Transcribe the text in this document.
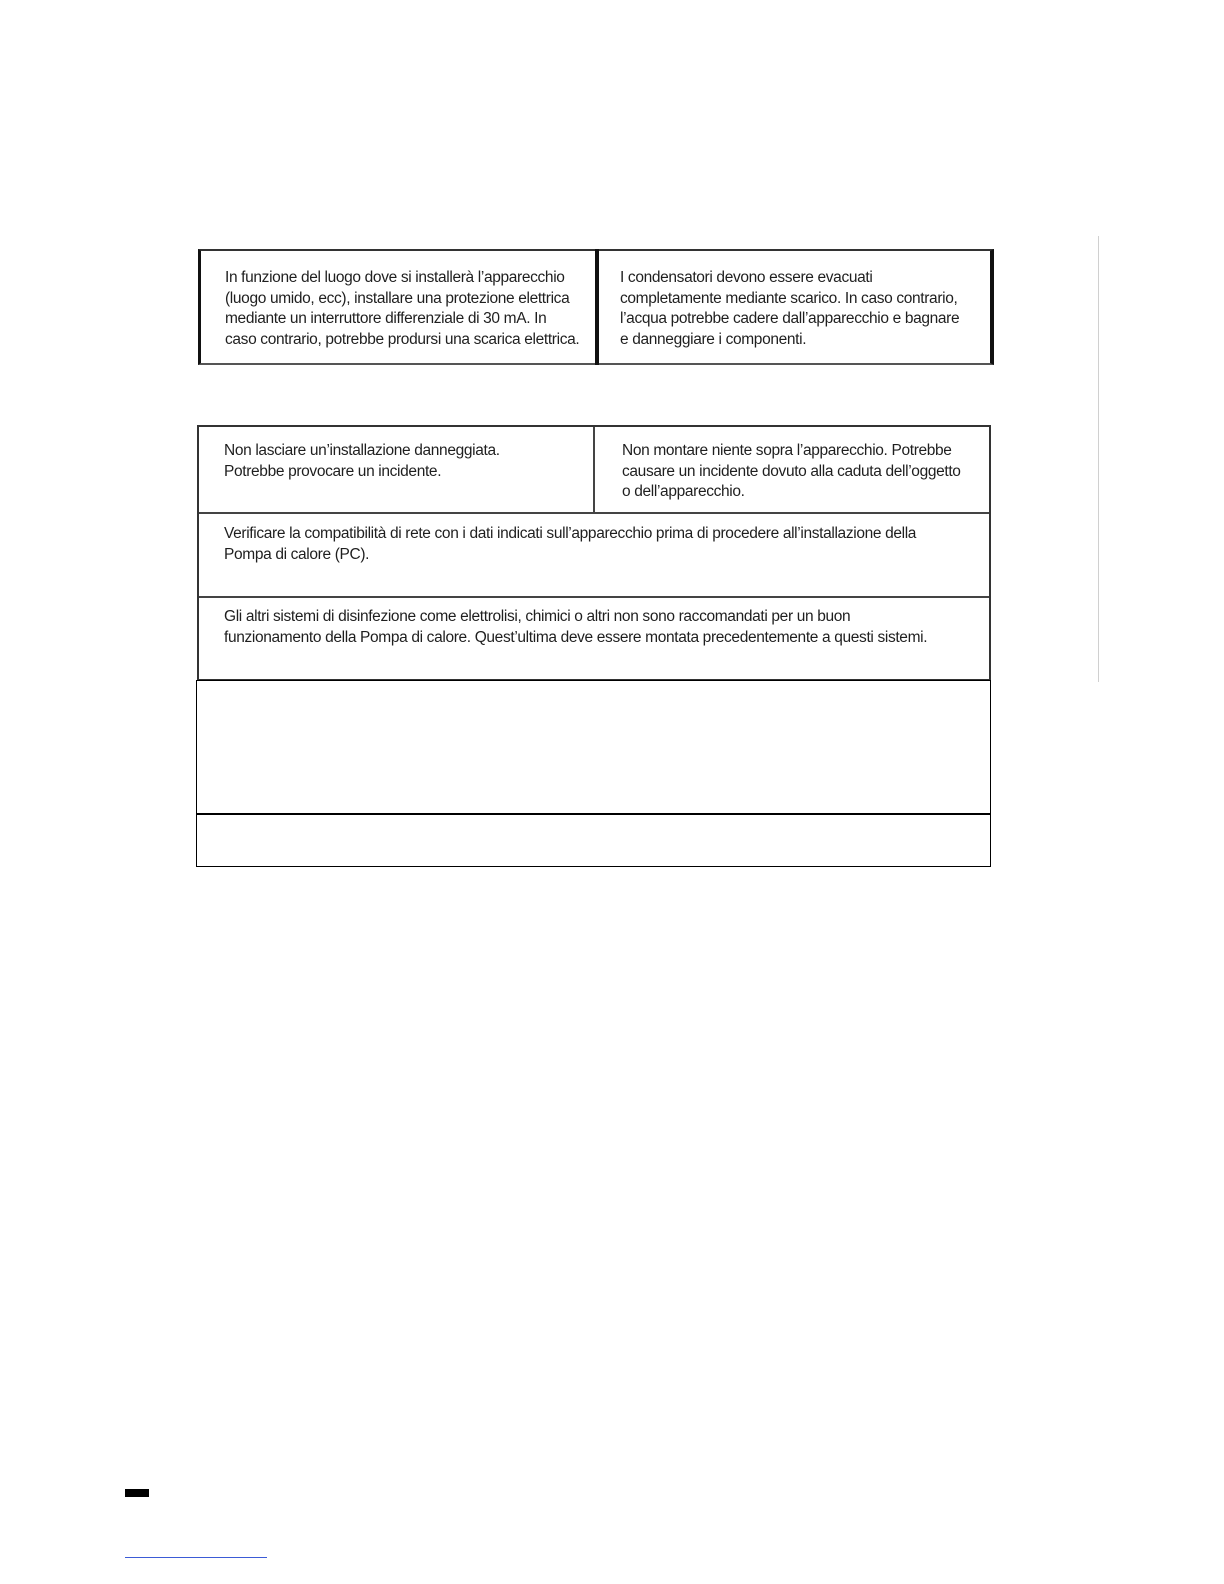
In funzione del luogo dove si installerà l’apparecchio
(luogo umido, ecc), installare una protezione elettrica
mediante un interruttore differenziale di 30 mA. In
caso contrario, potrebbe prodursi una scarica elettrica.
I condensatori devono essere evacuati
completamente mediante scarico. In caso contrario,
l’acqua potrebbe cadere dall’apparecchio e bagnare
e danneggiare i componenti.
Non lasciare un’installazione danneggiata.
Potrebbe provocare un incidente.
Non montare niente sopra l’apparecchio. Potrebbe
causare un incidente dovuto alla caduta dell’oggetto
o dell’apparecchio.
Verificare la compatibilità di rete con i dati indicati sull’apparecchio prima di procedere all’installazione della
Pompa di calore (PC).
Gli altri sistemi di disinfezione come elettrolisi, chimici o altri non sono raccomandati per un buon
funzionamento della Pompa di calore. Quest’ultima deve essere montata precedentemente a questi sistemi.
